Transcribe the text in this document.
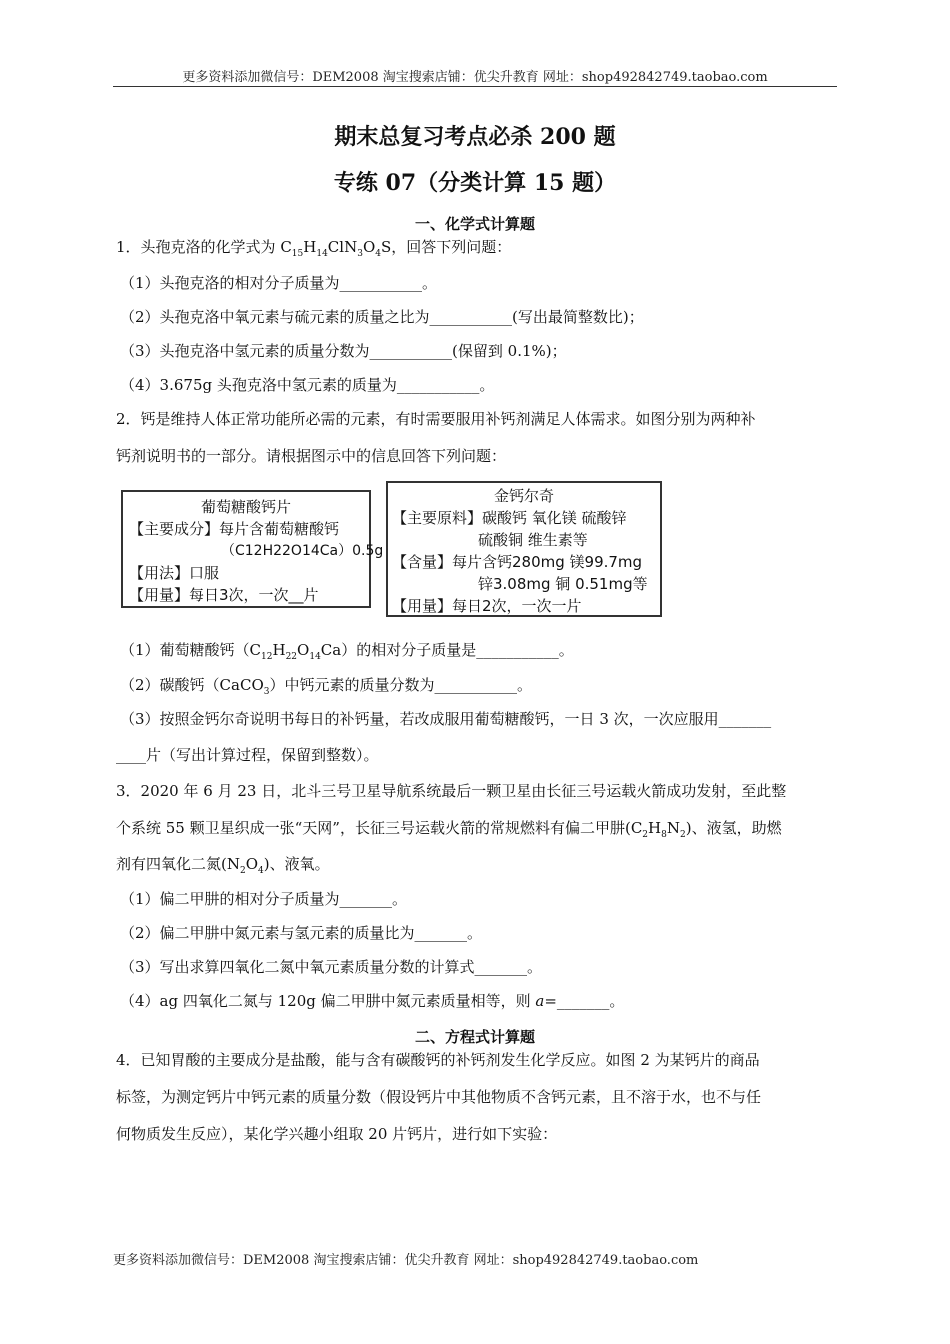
更多资料添加微信号：DEM2008 淘宝搜索店铺：优尖升教育 网址：shop492842749.taobao.com
期末总复习考点必杀 200 题
专练 07（分类计算 15 题）
一、化学式计算题
1．头孢克洛的化学式为 $C_{15}H_{14}ClN_3O_4S$，回答下列问题：
（1）头孢克洛的相对分子质量为___________。
（2）头孢克洛中氧元素与硫元素的质量之比为___________(写出最简整数比)；
（3）头孢克洛中氢元素的质量分数为___________(保留到 0.1%)；
（4）3.675g 头孢克洛中氢元素的质量为___________。
2．钙是维持人体正常功能所必需的元素，有时需要服用补钙剂满足人体需求。如图分别为两种补
钙剂说明书的一部分。请根据图示中的信息回答下列问题：
葡萄糖酸钙片
【主要成分】每片含葡萄糖酸钙
（C12H22O14Ca）0.5g
【用法】口服
【用量】每日3次，一次__片
金钙尔奇
【主要原料】碳酸钙 氧化镁 硫酸锌
硫酸铜 维生素等
【含量】每片含钙280mg 镁99.7mg
锌3.08mg 铜 0.51mg等
【用量】每日2次，一次一片
（1）葡萄糖酸钙$(C_{12}H_{22}O_{14}Ca)$的相对分子质量是___________。
（2）碳酸钙（CaCO$_3$）中钙元素的质量分数为___________。
（3）按照金钙尔奇说明书每日的补钙量，若改成服用葡萄糖酸钙，一日 3 次，一次应服用_______
____片（写出计算过程，保留到整数）。
3．2020 年 6 月 23 日，北斗三号卫星导航系统最后一颗卫星由长征三号运载火箭成功发射，至此整
个系统 55 颗卫星织成一张“天网”，长征三号运载火箭的常规燃料有偏二甲肼$(C_2H_8N_2)$、液氢，助燃
剂有四氧化二氮$(N_2O_4)$、液氧。
（1）偏二甲肼的相对分子质量为_______。
（2）偏二甲肼中氮元素与氢元素的质量比为_______。
（3）写出求算四氧化二氮中氧元素质量分数的计算式_______。
（4）ag 四氧化二氮与 120g 偏二甲肼中氮元素质量相等，则 a=_______。
二、方程式计算题
4．已知胃酸的主要成分是盐酸，能与含有碳酸钙的补钙剂发生化学反应。如图 2 为某钙片的商品
标签，为测定钙片中钙元素的质量分数（假设钙片中其他物质不含钙元素，且不溶于水，也不与任
何物质发生反应），某化学兴趣小组取 20 片钙片，进行如下实验：
更多资料添加微信号：DEM2008 淘宝搜索店铺：优尖升教育 网址：shop492842749.taobao.com
